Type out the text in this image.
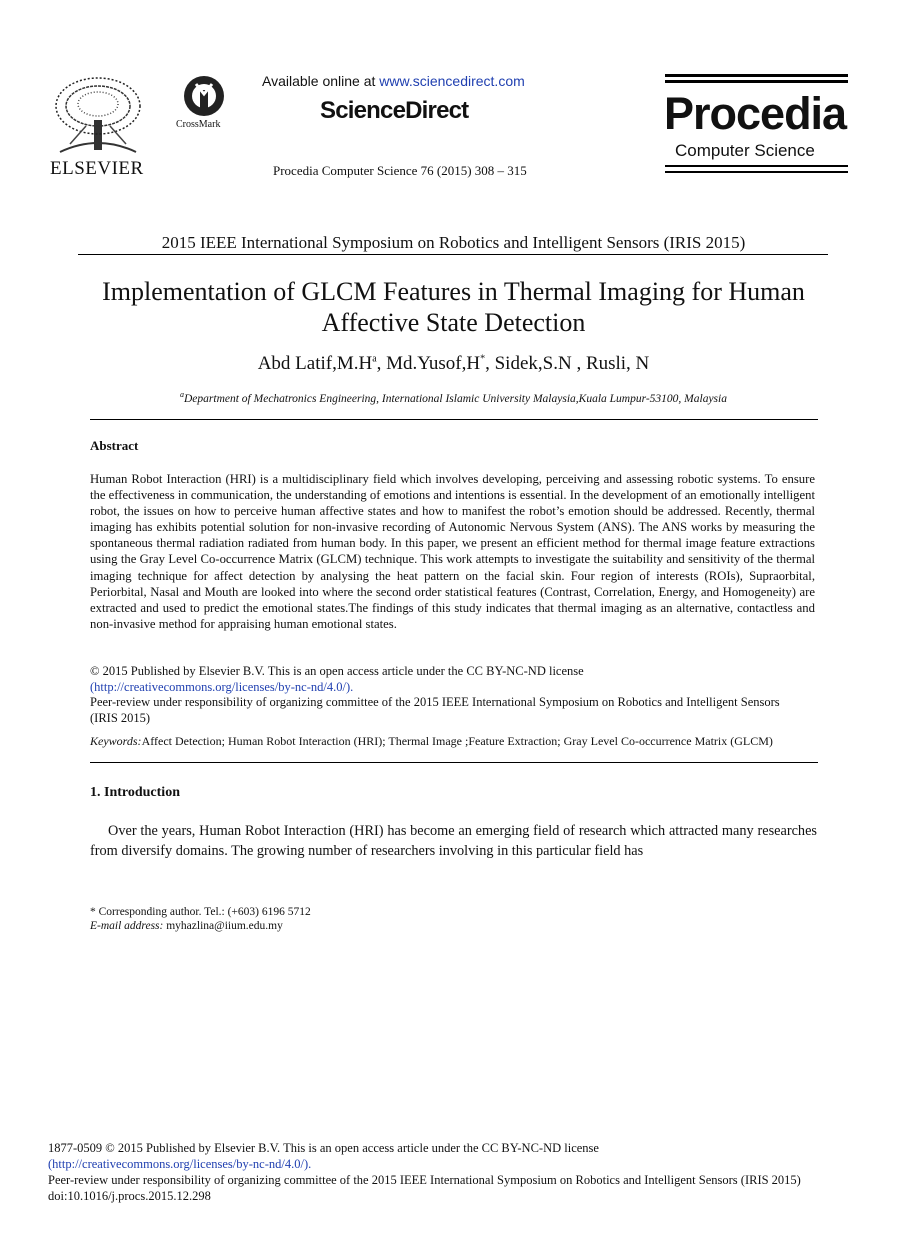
ELSEVIER
CrossMark
Available online at www.sciencedirect.com
ScienceDirect
Procedia Computer Science 76 (2015) 308 – 315
Procedia
Computer Science
2015 IEEE International Symposium on Robotics and Intelligent Sensors (IRIS 2015)
Implementation of GLCM Features in Thermal Imaging for Human
Affective State Detection
Abd $Latif,M.H^a$, Md.Yusof,H*, Sidek,S.N , Rusli, N
$^a$Department of Mechatronics Engineering, International Islamic University Malaysia,Kuala Lumpur-53100, Malaysia
Abstract

Human Robot Interaction (HRI) is a multidisciplinary field which involves developing, perceiving and assessing robotic systems. To ensure the effectiveness in communication, the understanding of emotions and intentions is essential. In the development of an emotionally intelligent robot, the issues on how to perceive human affective states and how to manifest the robot’s emotion should be addressed. Recently, thermal imaging has exhibits potential solution for non-invasive recording of Autonomic Nervous System (ANS). The ANS works by measuring the spontaneous thermal radiation radiated from human body. In this paper, we present an efficient method for thermal image feature extractions using the Gray Level Co-occurrence Matrix (GLCM) technique. This work attempts to investigate the suitability and sensitivity of the thermal imaging technique for affect detection by analysing the heat pattern on the facial skin. Four region of interests (ROIs), Supraorbital, Periorbital, Nasal and Mouth are looked into where the second order statistical features (Contrast, Correlation, Energy, and Homogeneity) are extracted and used to predict the emotional states.The findings of this study indicates that thermal imaging as an alternative, contactless and non-invasive method for appraising human emotional states.

© 2015 Published by Elsevier B.V. This is an open access article under the CC BY-NC-ND license
(http://creativecommons.org/licenses/by-nc-nd/4.0/).
Peer-review under responsibility of organizing committee of the 2015 IEEE International Symposium on Robotics and Intelligent Sensors (IRIS 2015)
Keywords:Affect Detection; Human Robot Interaction (HRI); Thermal Image ;Feature Extraction; Gray Level Co-occurrence Matrix (GLCM)
1. Introduction

Over the years, Human Robot Interaction (HRI) has become an emerging field of research which attracted many researches from diversify domains. The growing number of researchers involving in this particular field has

* Corresponding author. Tel.: (+603) 6196 5712
E-mail address: myhazlina@iium.edu.my
1877-0509 © 2015 Published by Elsevier B.V. This is an open access article under the CC BY-NC-ND license
(http://creativecommons.org/licenses/by-nc-nd/4.0/).
Peer-review under responsibility of organizing committee of the 2015 IEEE International Symposium on Robotics and Intelligent Sensors (IRIS 2015)
doi:10.1016/j.procs.2015.12.298
